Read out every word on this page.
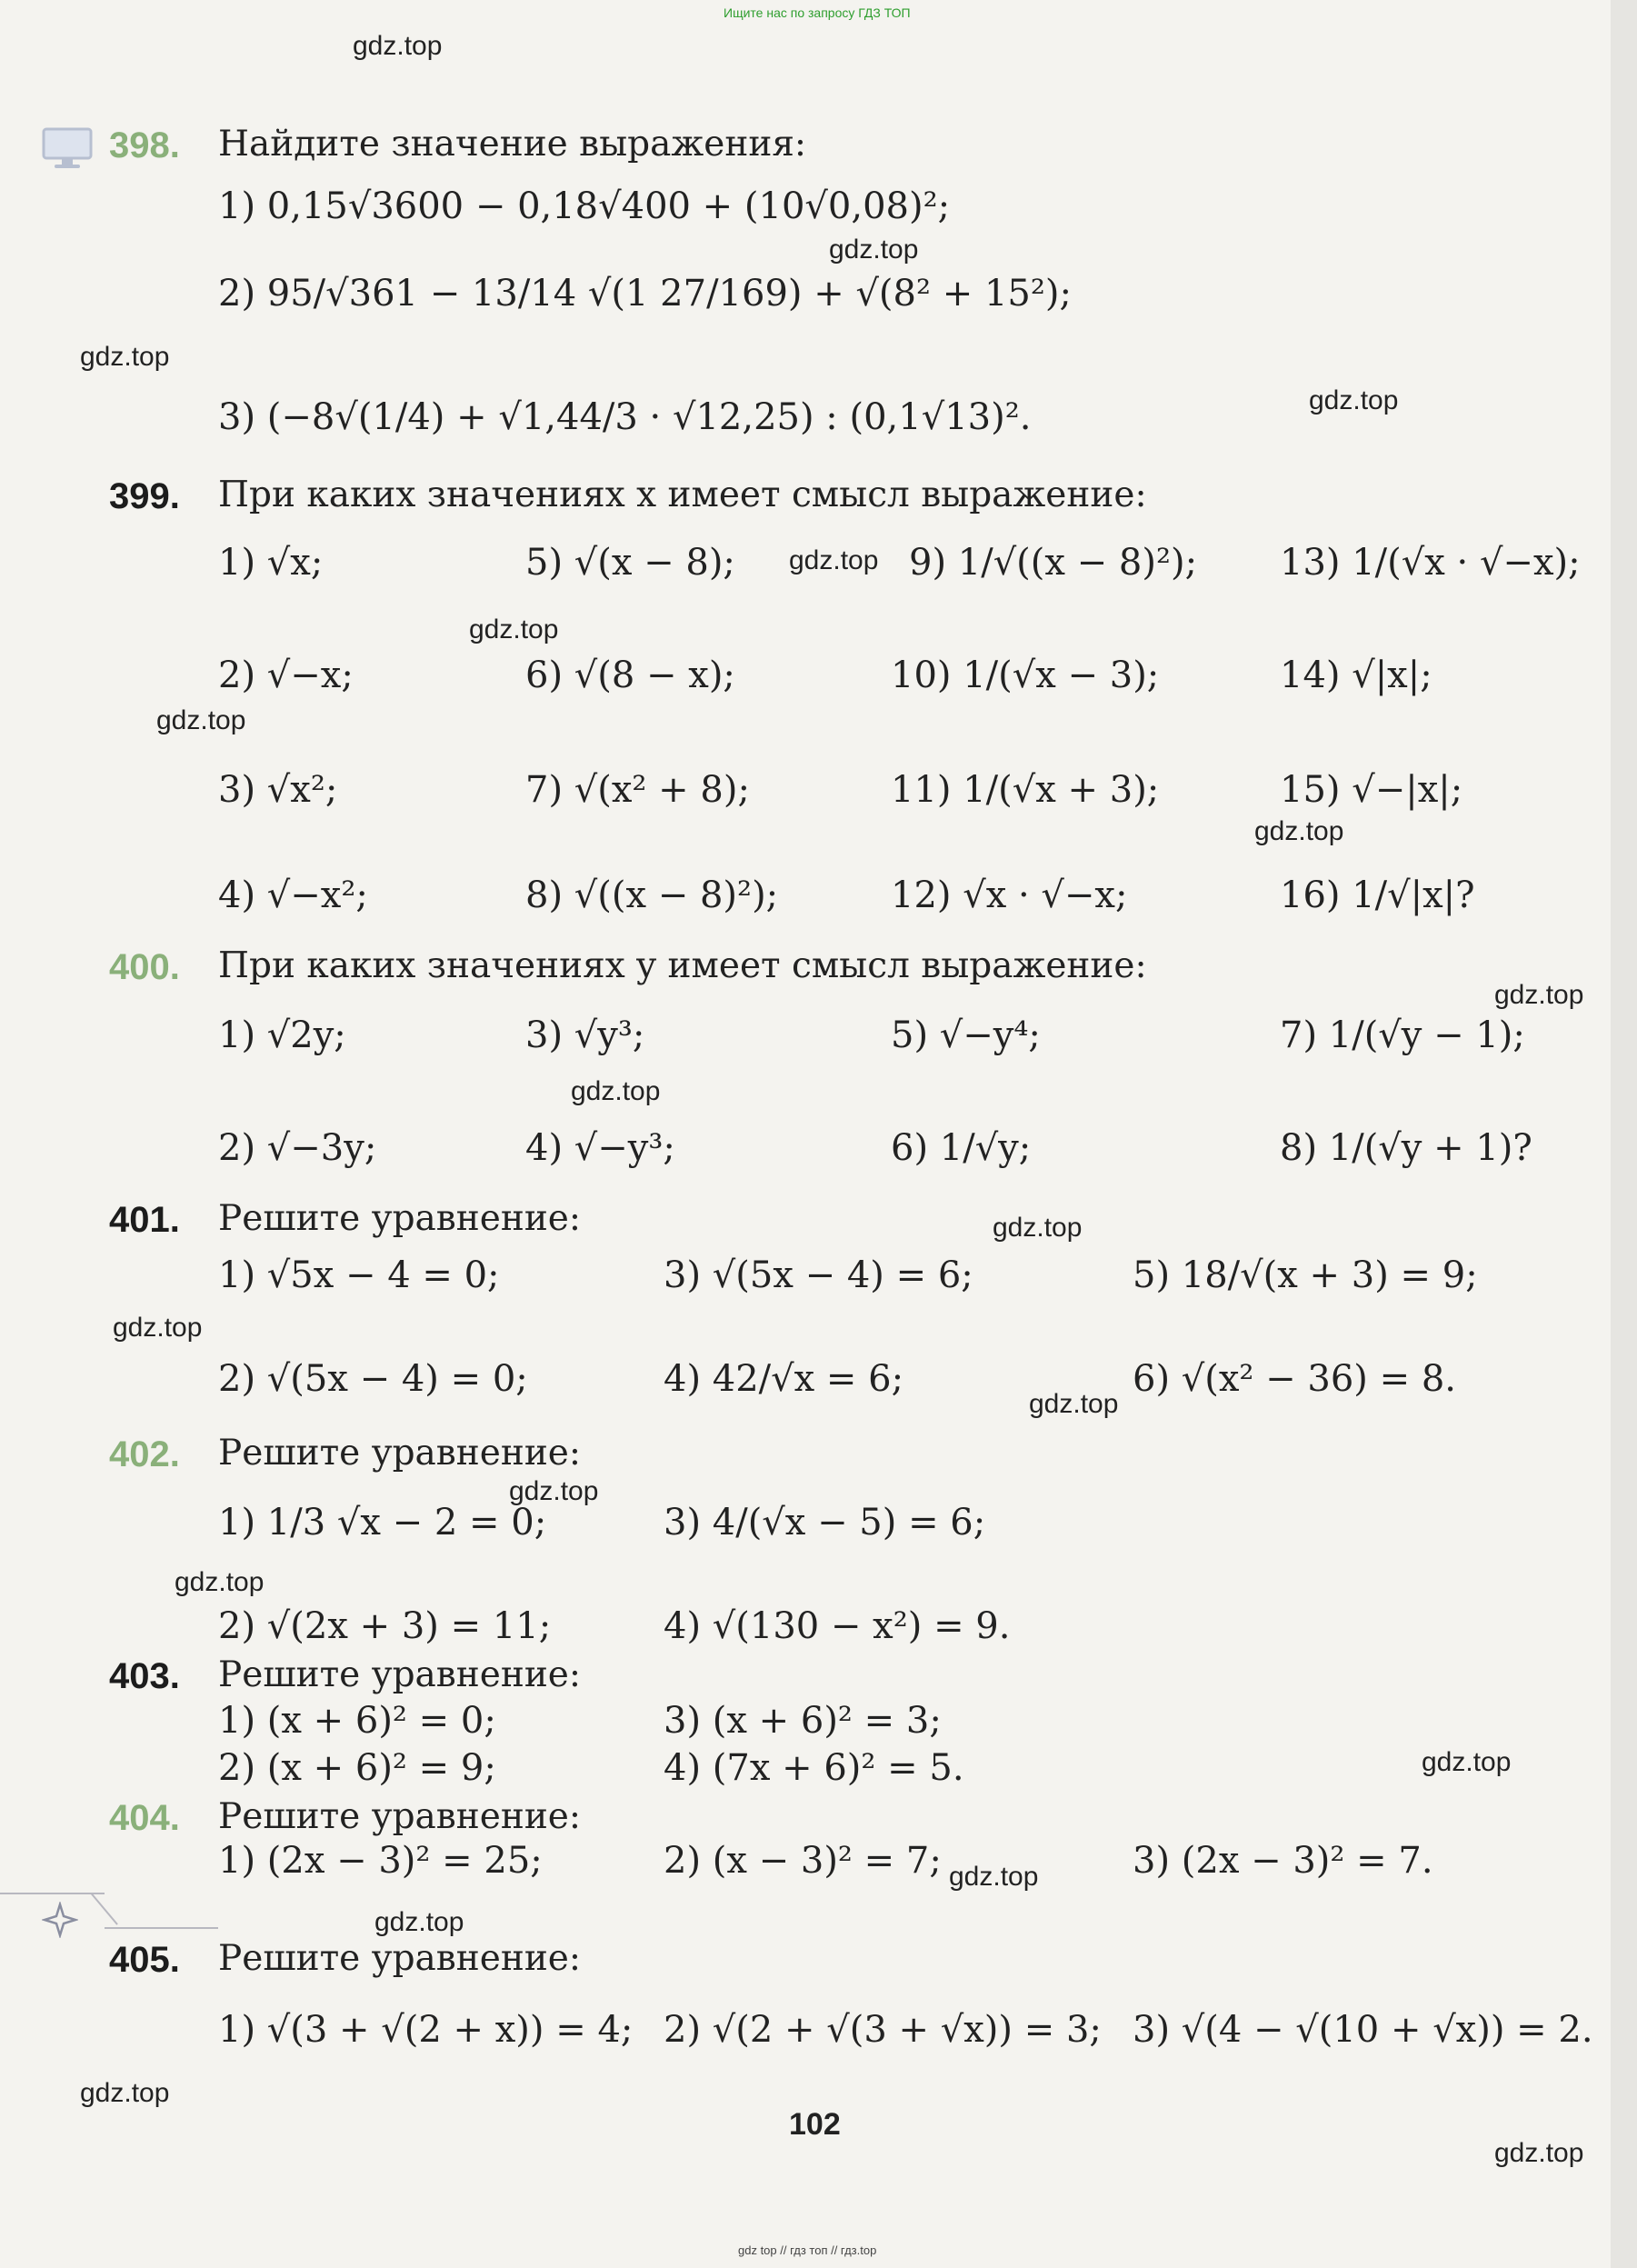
Ищите нас по запросу ГДЗ ТОП
gdz.top
gdz.top
gdz.top
gdz.top
gdz.top
gdz.top
gdz.top
gdz.top
gdz.top
gdz.top
gdz.top
gdz.top
gdz.top
gdz.top
gdz.top
gdz.top
gdz.top
gdz.top
gdz.top
gdz.top
398. Найдите значение выражения:
1) 0,15√3600 − 0,18√400 + (10√0,08)²;
2) 95/√361 − 13/14 √(1 27/169) + √(8² + 15²);
3) (−8√(1/4) + √1,44/3 · √12,25) : (0,1√13)².
399. При каких значениях x имеет смысл выражение:
1) √x;	5) √(x − 8);	9) 1/√((x − 8)²); 13) 1/(√x · √−x);
2) √−x;	6) √(8 − x);	10) 1/(√x − 3);	14) √|x|;
3) √x²;	7) √(x² + 8);	11) 1/(√x + 3);	15) √−|x|;
4) √−x²;	8) √((x − 8)²);	12) √x · √−x;	16) 1/√|x|?
400. При каких значениях y имеет смысл выражение:
1) √2y;	3) √y³;	5) √−y⁴;	7) 1/(√y − 1);
2) √−3y;	4) √−y³;	6) 1/√y;	8) 1/(√y + 1)?
401. Решите уравнение:
1) √5x − 4 = 0;	3) √(5x − 4) = 6;	5) 18/√(x + 3) = 9;
2) √(5x − 4) = 0;	4) 42/√x = 6;	6) √(x² − 36) = 8.
402. Решите уравнение:
1) 1/3 √x − 2 = 0;	3) 4/(√x − 5) = 6;
2) √(2x + 3) = 11;	4) √(130 − x²) = 9.
403. Решите уравнение:
1) (x + 6)² = 0;	3) (x + 6)² = 3;
2) (x + 6)² = 9;	4) (7x + 6)² = 5.
404. Решите уравнение:
1) (2x − 3)² = 25;	2) (x − 3)² = 7;	3) (2x − 3)² = 7.
405. Решите уравнение:
1) √(3 + √(2 + x)) = 4; 2) √(2 + √(3 + √x)) = 3; 3) √(4 − √(10 + √x)) = 2.
102
gdz top // гдз топ // гдз.top
